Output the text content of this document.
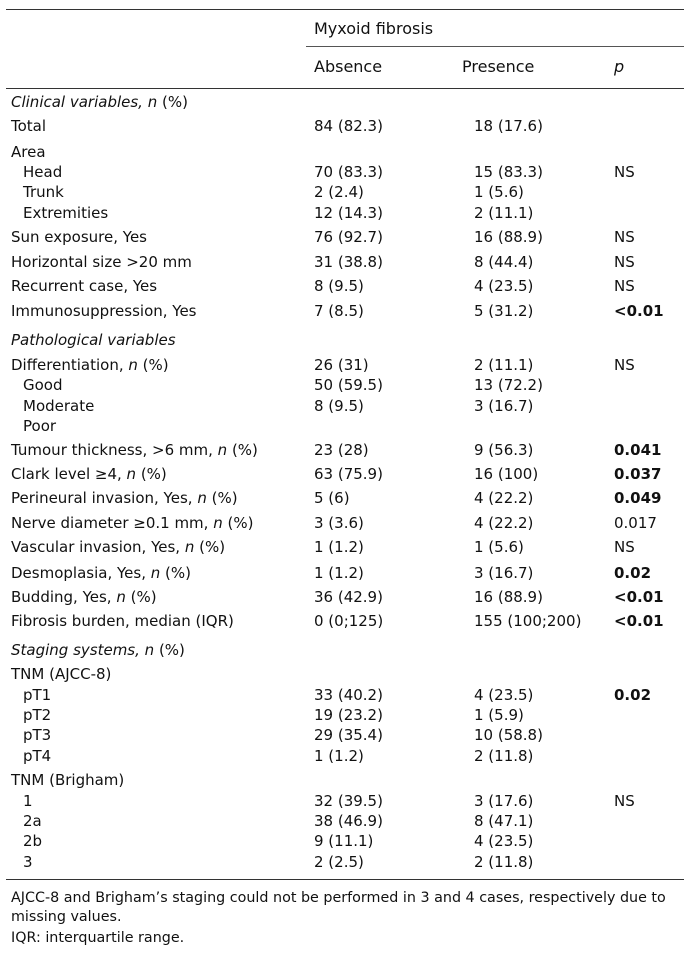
Myxoid fibrosis
Absence	Presence	p
Clinical variables, n (%)
Total	84 (82.3)	18 (17.6)
Area
Head	70 (83.3)	15 (83.3)	NS
Trunk	2 (2.4)	1 (5.6)
Extremities	12 (14.3)	2 (11.1)
Sun exposure, Yes	76 (92.7)	16 (88.9)	NS
Horizontal size >20 mm	31 (38.8)	8 (44.4)	NS
Recurrent case, Yes	8 (9.5)	4 (23.5)	NS
Immunosuppression, Yes	7 (8.5)	5 (31.2)	<0.01
Pathological variables
Differentiation, n (%)	26 (31)	2 (11.1)	NS
Good	50 (59.5)	13 (72.2)
Moderate	8 (9.5)	3 (16.7)
Poor
Tumour thickness, >6 mm, n (%)	23 (28)	9 (56.3)	0.041
Clark level ≥4, n (%)	63 (75.9)	16 (100)	0.037
Perineural invasion, Yes, n (%)	5 (6)	4 (22.2)	0.049
Nerve diameter ≥0.1 mm, n (%)	3 (3.6)	4 (22.2)	0.017
Vascular invasion, Yes, n (%)	1 (1.2)	1 (5.6)	NS
Desmoplasia, Yes, n (%)	1 (1.2)	3 (16.7)	0.02
Budding, Yes, n (%)	36 (42.9)	16 (88.9)	<0.01
Fibrosis burden, median (IQR)	0 (0;125)	155 (100;200) <0.01
Staging systems, n (%)
TNM (AJCC-8)
pT1	33 (40.2)	4 (23.5)	0.02
pT2	19 (23.2)	1 (5.9)
pT3	29 (35.4)	10 (58.8)
pT4	1 (1.2)	2 (11.8)
TNM (Brigham)
1	32 (39.5)	3 (17.6)	NS
2a	38 (46.9)	8 (47.1)
2b	9 (11.1)	4 (23.5)
3	2 (2.5)	2 (11.8)
AJCC-8 and Brigham’s staging could not be performed in 3 and 4 cases, respectively due to missing values.
IQR: interquartile range.
